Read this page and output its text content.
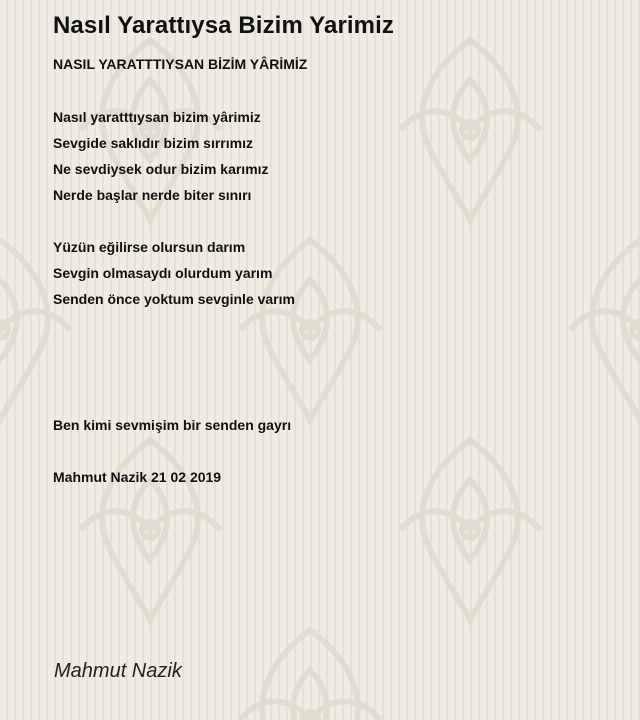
Nasıl Yarattıysa Bizim Yarimiz

NASIL YARATTTIYSAN BİZİM YÂRİMİZ

Nasıl yaratttıysan bizim yârimiz

Sevgide saklıdır bizim sırrımız

Ne sevdiysek odur bizim karımız

Nerde başlar nerde biter sınırı

Yüzün eğilirse olursun darım

Sevgin olmasaydı olurdum yarım

Senden önce yoktum sevginle varım

Ben kimi sevmişim bir senden gayrı

Mahmut Nazik 21 02 2019

Mahmut Nazik
